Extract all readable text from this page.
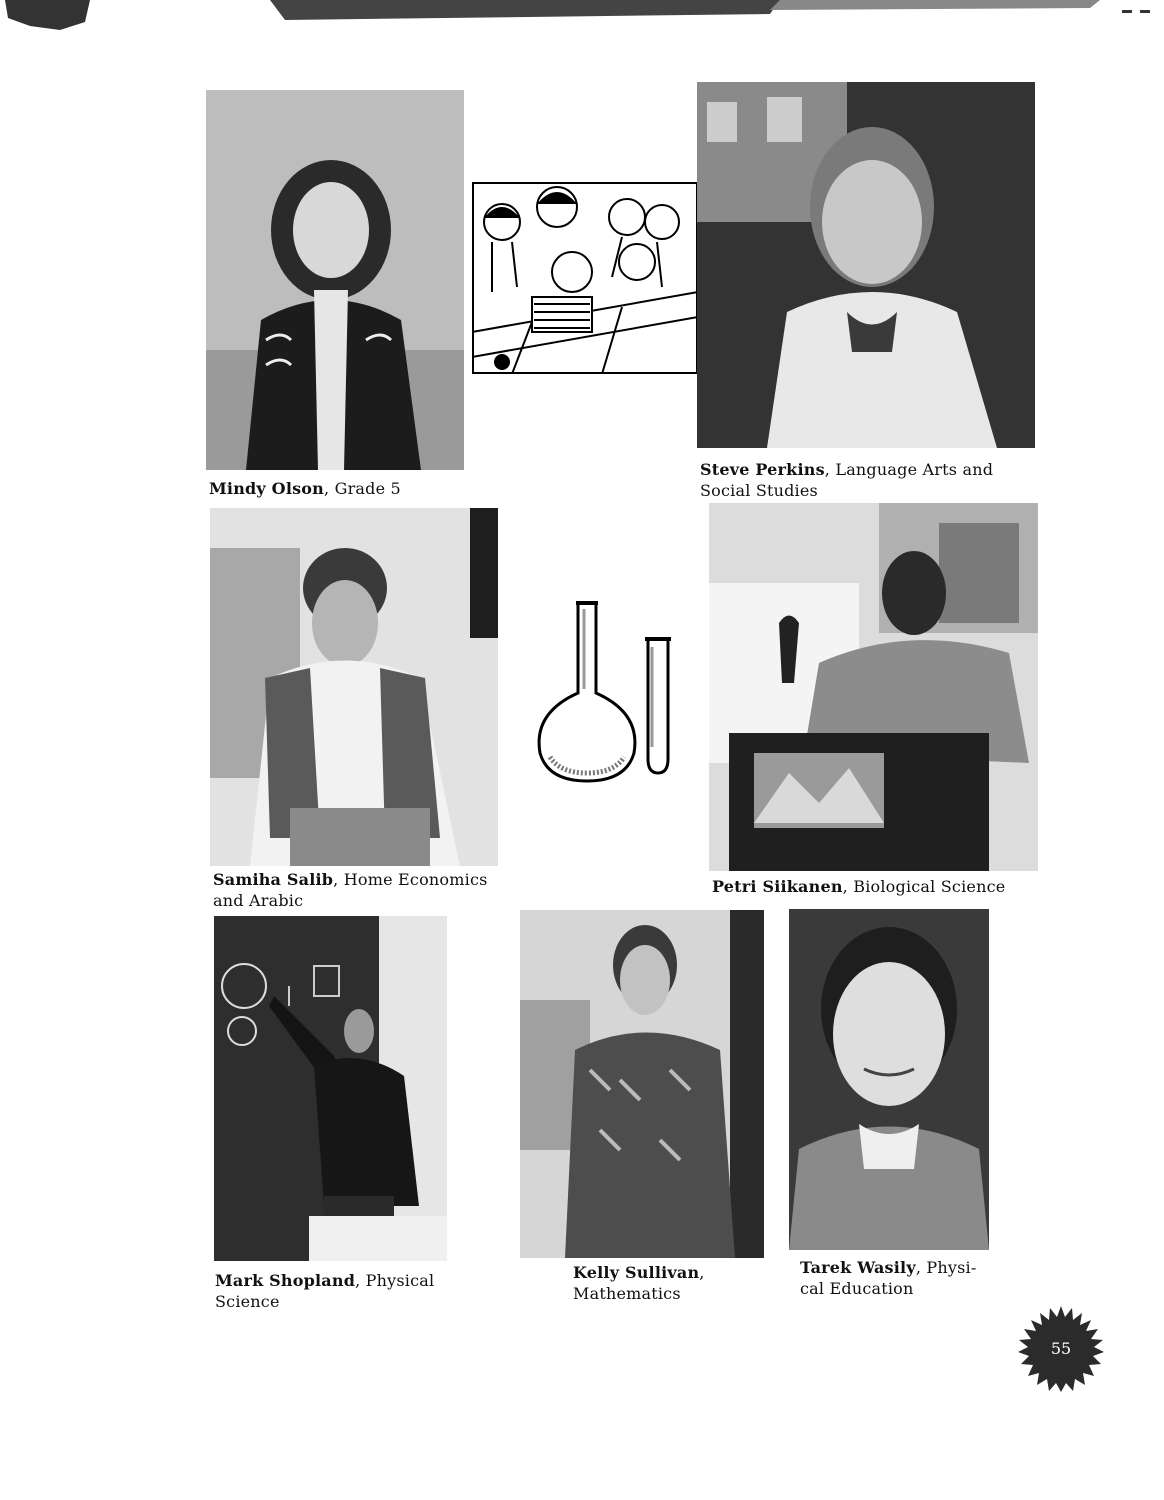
Mindy Olson, Grade 5
Steve Perkins, Language Arts and
Social Studies
Samiha Salib, Home Economics
and Arabic
Petri Siikanen, Biological Science
Mark Shopland, Physical
Science
Kelly Sullivan,
Mathematics
Tarek Wasily, Physi-
cal Education
55
